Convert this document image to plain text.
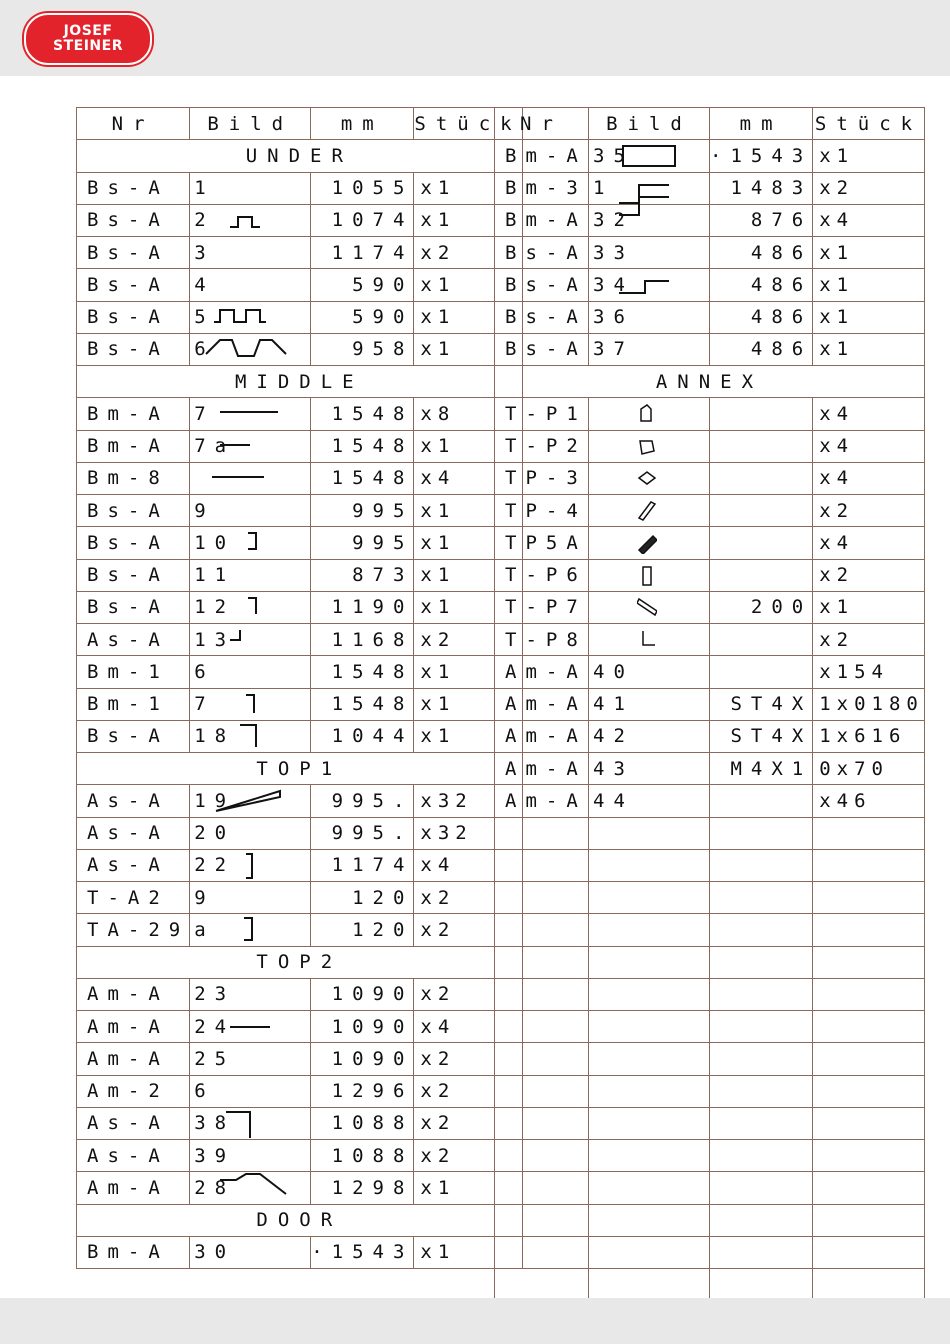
JOSEF
STEINER
Nr	Bild	mm	Stück
UNDER			
Bs-A	1	1055	x1
Bs-A	2	1074	x1
Bs-A	3	1174	x2
Bs-A	4	590	x1
Bs-A	5	590	x1
Bs-A	6	958	x1
MIDDLE			
Bm-A	7	1548	x8
Bm-A	7a	1548	x1
Bm-8		1548	x4
Bs-A	9	995	x1
Bs-A	10	995	x1
Bs-A	11	873	x1
Bs-A	12	1190	x1
As-A	13	1168	x2
Bm-1	6	1548	x1
Bm-1	7	1548	x1
Bs-A	18	1044	x1
TOP1			
As-A	19	995.	x32
As-A	20	995.	x32
As-A	22	1174	x4
T-A2	9	120	x2
TA-29	a	120	x2
TOP2			
Am-A	23	1090	x2
Am-A	24	1090	x4
Am-A	25	1090	x2
Am-2	6	1296	x2
As-A	38	1088	x2
As-A	39	1088	x2
Am-A	28	1298	x1
DOOR			
Bm-A	30	·1543	x1
Nr	Bild	mm	Stück
Bm-A	35	·1543	x1
Bm-3	1	1483	x2
Bm-A	32	876	x4
Bs-A	33	486	x1
Bs-A	34	486	x1
Bs-A	36	486	x1
Bs-A	37	486	x1
ANNEX			
T-P1			x4
T-P2			x4
TP-3			x4
TP-4			x2
TP5A			x4
T-P6			x2
T-P7		200	x1
T-P8			x2
Am-A	40		x154
Am-A	41	ST4X	1x0180
Am-A	42	ST4X	1x616
Am-A	43	M4X1	0x70
Am-A	44		x46
